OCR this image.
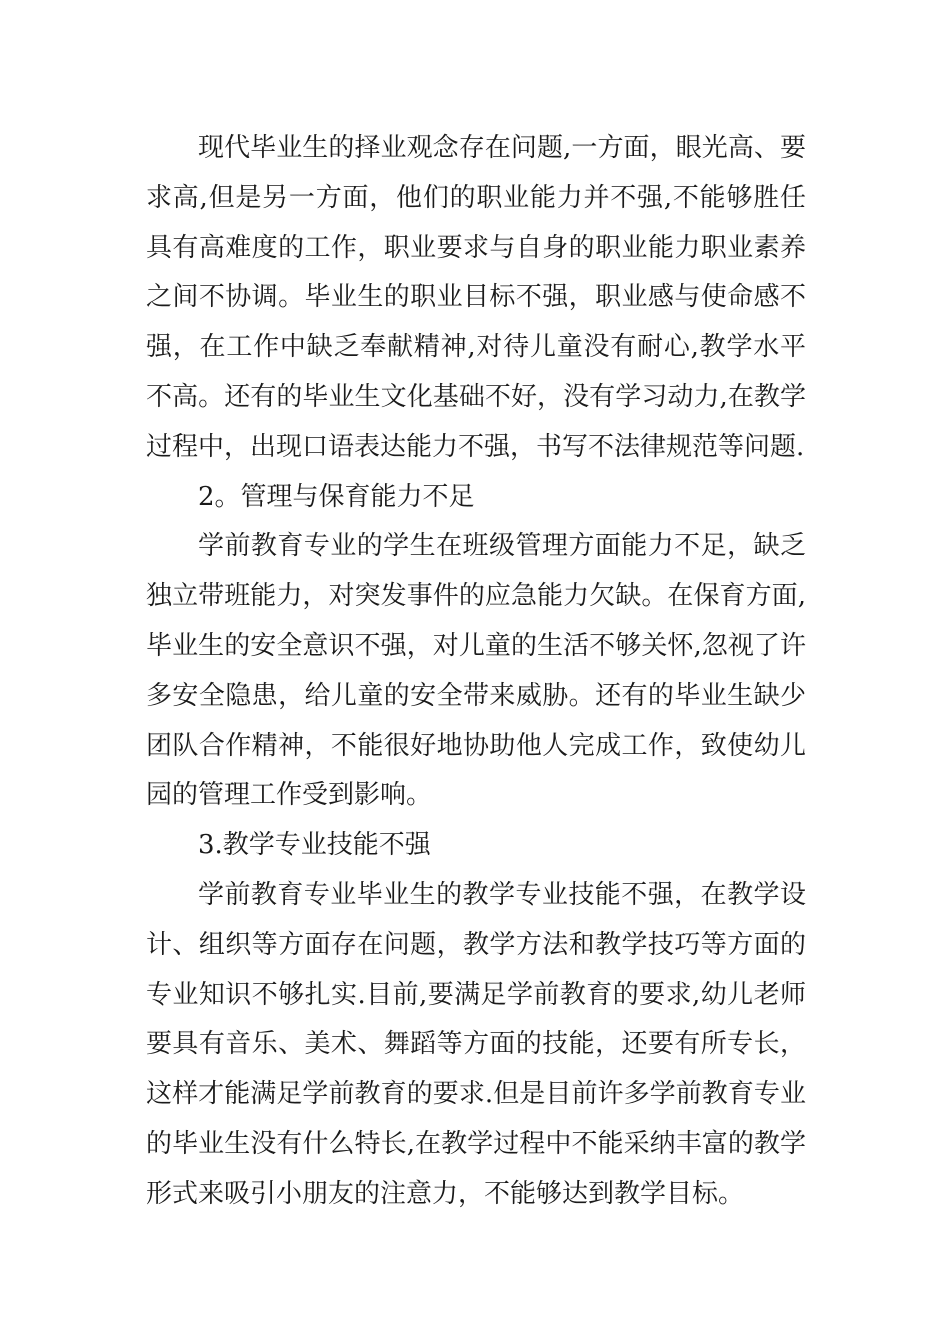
现代毕业生的择业观念存在问题,一方面，眼光高、要求高,但是另一方面，他们的职业能力并不强,不能够胜任具有高难度的工作，职业要求与自身的职业能力职业素养之间不协调。毕业生的职业目标不强，职业感与使命感不强，在工作中缺乏奉献精神,对待儿童没有耐心,教学水平不高。还有的毕业生文化基础不好，没有学习动力,在教学过程中，出现口语表达能力不强，书写不法律规范等问题.

2。管理与保育能力不足

学前教育专业的学生在班级管理方面能力不足，缺乏独立带班能力，对突发事件的应急能力欠缺。在保育方面,毕业生的安全意识不强，对儿童的生活不够关怀,忽视了许多安全隐患，给儿童的安全带来威胁。还有的毕业生缺少团队合作精神，不能很好地协助他人完成工作，致使幼儿园的管理工作受到影响。

3.教学专业技能不强

学前教育专业毕业生的教学专业技能不强，在教学设计、组织等方面存在问题，教学方法和教学技巧等方面的专业知识不够扎实.目前,要满足学前教育的要求,幼儿老师要具有音乐、美术、舞蹈等方面的技能，还要有所专长，这样才能满足学前教育的要求.但是目前许多学前教育专业的毕业生没有什么特长,在教学过程中不能采纳丰富的教学形式来吸引小朋友的注意力，不能够达到教学目标。
